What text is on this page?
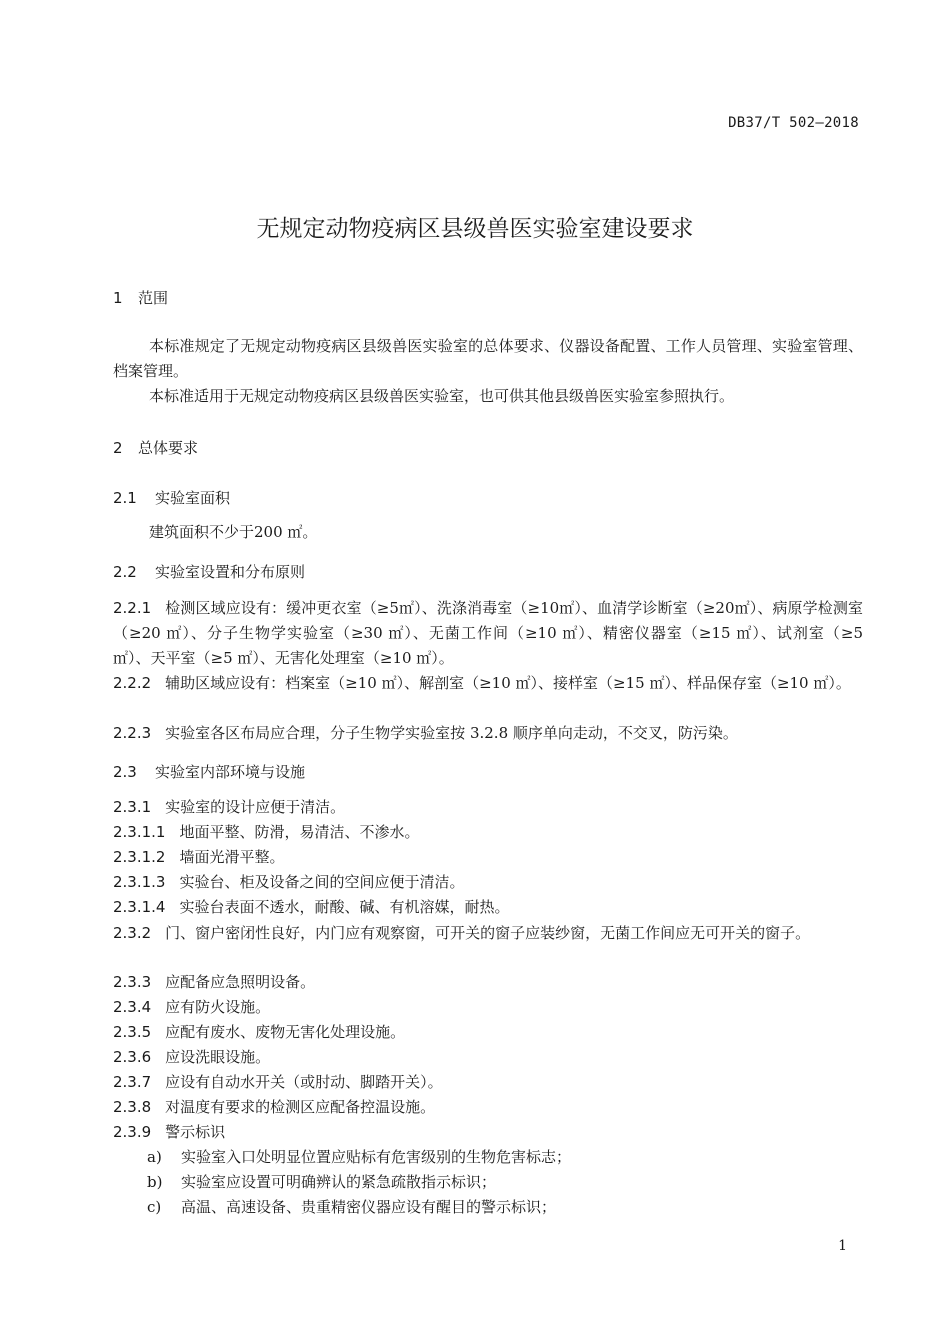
DB37/T 502—2018
无规定动物疫病区县级兽医实验室建设要求
1 范围
本标准规定了无规定动物疫病区县级兽医实验室的总体要求、仪器设备配置、工作人员管理、实验室管理、档案管理。
本标准适用于无规定动物疫病区县级兽医实验室，也可供其他县级兽医实验室参照执行。
2 总体要求
2.1 实验室面积
建筑面积不少于200 ㎡。
2.2 实验室设置和分布原则
2.2.1 检测区域应设有：缓冲更衣室（≥5㎡）、洗涤消毒室（≥10㎡）、血清学诊断室（≥20㎡）、病原学检测室（≥20 ㎡）、分子生物学实验室（≥30 ㎡）、无菌工作间（≥10 ㎡）、精密仪器室（≥15 ㎡）、试剂室（≥5 ㎡）、天平室（≥5 ㎡）、无害化处理室（≥10 ㎡）。
2.2.2 辅助区域应设有：档案室（≥10 ㎡）、解剖室（≥10 ㎡）、接样室（≥15 ㎡）、样品保存室（≥10 ㎡）。
2.2.3 实验室各区布局应合理，分子生物学实验室按 3.2.8 顺序单向走动，不交叉，防污染。
2.3 实验室内部环境与设施
2.3.1 实验室的设计应便于清洁。
2.3.1.1 地面平整、防滑，易清洁、不渗水。
2.3.1.2 墙面光滑平整。
2.3.1.3 实验台、柜及设备之间的空间应便于清洁。
2.3.1.4 实验台表面不透水，耐酸、碱、有机溶媒，耐热。
2.3.2 门、窗户密闭性良好，内门应有观察窗，可开关的窗子应装纱窗，无菌工作间应无可开关的窗子。
2.3.3 应配备应急照明设备。
2.3.4 应有防火设施。
2.3.5 应配有废水、废物无害化处理设施。
2.3.6 应设洗眼设施。
2.3.7 应设有自动水开关（或肘动、脚踏开关）。
2.3.8 对温度有要求的检测区应配备控温设施。
2.3.9 警示标识
a) 实验室入口处明显位置应贴标有危害级别的生物危害标志；
b) 实验室应设置可明确辨认的紧急疏散指示标识；
c) 高温、高速设备、贵重精密仪器应设有醒目的警示标识；
1
